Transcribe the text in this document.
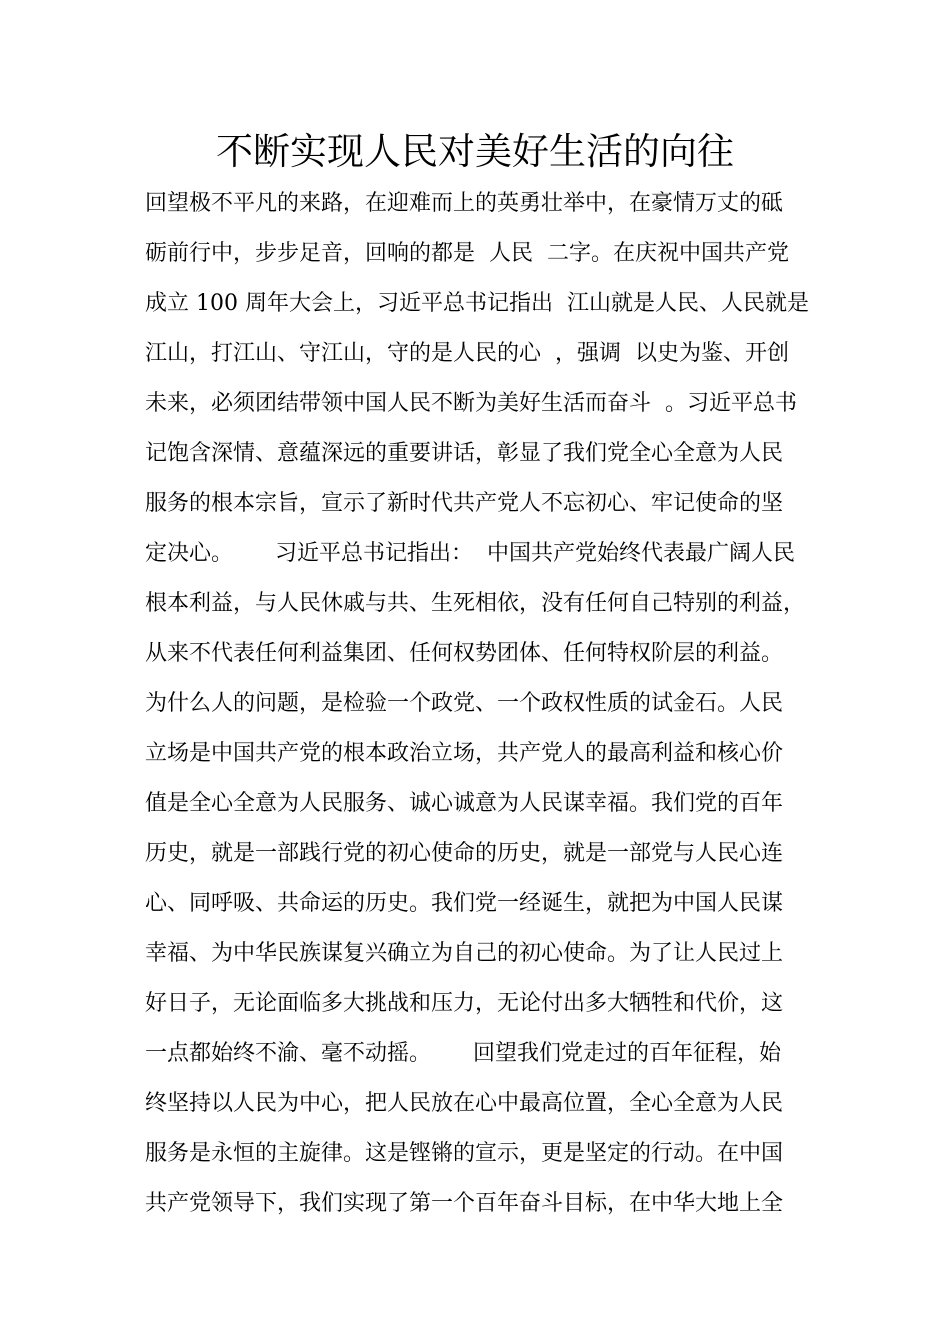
不断实现人民对美好生活的向往
回望极不平凡的来路，在迎难而上的英勇壮举中，在豪情万丈的砥
砺前行中，步步足音，回响的都是  人民  二字。在庆祝中国共产党
成立 100 周年大会上，习近平总书记指出  江山就是人民、人民就是
江山，打江山、守江山，守的是人民的心  ，强调  以史为鉴、开创
未来，必须团结带领中国人民不断为美好生活而奋斗  。习近平总书
记饱含深情、意蕴深远的重要讲话，彰显了我们党全心全意为人民
服务的根本宗旨，宣示了新时代共产党人不忘初心、牢记使命的坚
定决心。      习近平总书记指出：  中国共产党始终代表最广阔人民
根本利益，与人民休戚与共、生死相依，没有任何自己特别的利益，
从来不代表任何利益集团、任何权势团体、任何特权阶层的利益。
为什么人的问题，是检验一个政党、一个政权性质的试金石。人民
立场是中国共产党的根本政治立场，共产党人的最高利益和核心价
值是全心全意为人民服务、诚心诚意为人民谋幸福。我们党的百年
历史，就是一部践行党的初心使命的历史，就是一部党与人民心连
心、同呼吸、共命运的历史。我们党一经诞生，就把为中国人民谋
幸福、为中华民族谋复兴确立为自己的初心使命。为了让人民过上
好日子，无论面临多大挑战和压力，无论付出多大牺牲和代价，这
一点都始终不渝、毫不动摇。      回望我们党走过的百年征程，始
终坚持以人民为中心，把人民放在心中最高位置，全心全意为人民
服务是永恒的主旋律。这是铿锵的宣示，更是坚定的行动。在中国
共产党领导下，我们实现了第一个百年奋斗目标，在中华大地上全
